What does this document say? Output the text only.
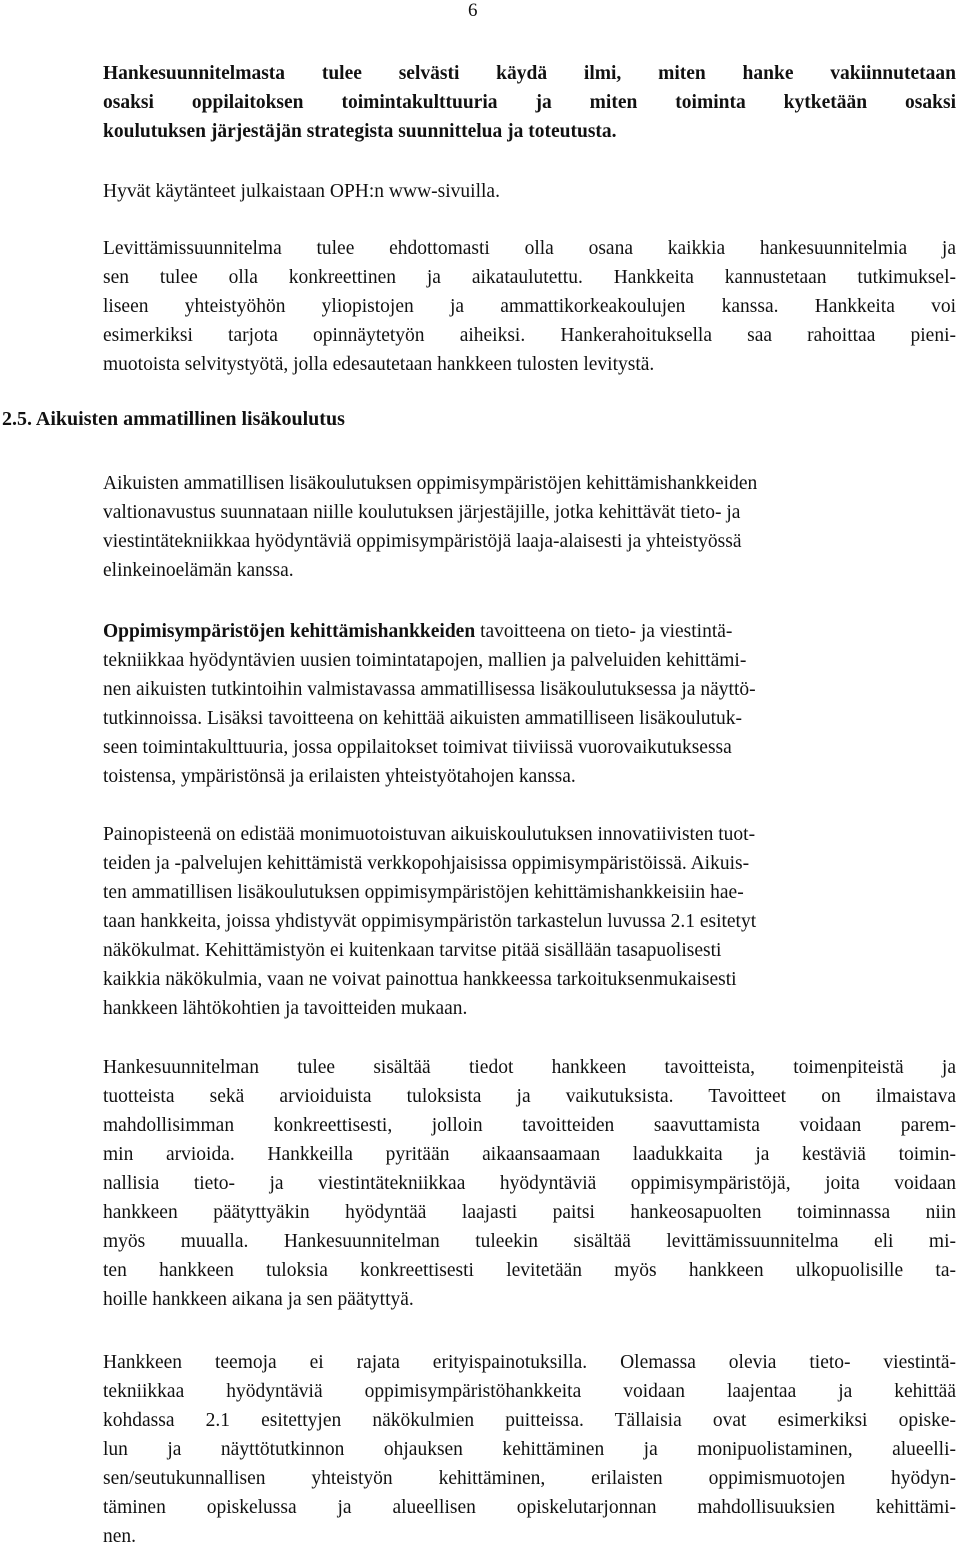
6

Hankesuunnitelmasta tulee selvästi käydä ilmi, miten hanke vakiinnutetaan
osaksi oppilaitoksen toimintakulttuuria ja miten toiminta kytketään osaksi
koulutuksen järjestäjän strategista suunnittelua ja toteutusta.

Hyvät käytänteet julkaistaan OPH:n www-sivuilla.

Levittämissuunnitelma tulee ehdottomasti olla osana kaikkia hankesuunnitelmia ja
sen tulee olla konkreettinen ja aikataulutettu. Hankkeita kannustetaan tutkimuksel-
liseen yhteistyöhön yliopistojen ja ammattikorkeakoulujen kanssa. Hankkeita voi
esimerkiksi tarjota opinnäytetyön aiheiksi. Hankerahoituksella saa rahoittaa pieni-
muotoista selvitystyötä, jolla edesautetaan hankkeen tulosten levitystä.

2.5. Aikuisten ammatillinen lisäkoulutus

Aikuisten ammatillisen lisäkoulutuksen oppimisympäristöjen kehittämishankkeiden
valtionavustus suunnataan niille koulutuksen järjestäjille, jotka kehittävät tieto- ja
viestintätekniikkaa hyödyntäviä oppimisympäristöjä laaja-alaisesti ja yhteistyössä
elinkeinoelämän kanssa.

Oppimisympäristöjen kehittämishankkeiden tavoitteena on tieto- ja viestintä-
tekniikkaa hyödyntävien uusien toimintatapojen, mallien ja palveluiden kehittämi-
nen aikuisten tutkintoihin valmistavassa ammatillisessa lisäkoulutuksessa ja näyttö-
tutkinnoissa. Lisäksi tavoitteena on kehittää aikuisten ammatilliseen lisäkoulutuk-
seen toimintakulttuuria, jossa oppilaitokset toimivat tiiviissä vuorovaikutuksessa
toistensa, ympäristönsä ja erilaisten yhteistyötahojen kanssa.

Painopisteenä on edistää monimuotoistuvan aikuiskoulutuksen innovatiivisten tuot-
teiden ja -palvelujen kehittämistä verkkopohjaisissa oppimisympäristöissä. Aikuis-
ten ammatillisen lisäkoulutuksen oppimisympäristöjen kehittämishankkeisiin hae-
taan hankkeita, joissa yhdistyvät oppimisympäristön tarkastelun luvussa 2.1 esitetyt
näkökulmat. Kehittämistyön ei kuitenkaan tarvitse pitää sisällään tasapuolisesti
kaikkia näkökulmia, vaan ne voivat painottua hankkeessa tarkoituksenmukaisesti
hankkeen lähtökohtien ja tavoitteiden mukaan.

Hankesuunnitelman tulee sisältää tiedot hankkeen tavoitteista, toimenpiteistä ja
tuotteista sekä arvioiduista tuloksista ja vaikutuksista. Tavoitteet on ilmaistava
mahdollisimman konkreettisesti, jolloin tavoitteiden saavuttamista voidaan parem-
min arvioida. Hankkeilla pyritään aikaansaamaan laadukkaita ja kestäviä toimin-
nallisia tieto- ja viestintätekniikkaa hyödyntäviä oppimisympäristöjä, joita voidaan
hankkeen päätyttyäkin hyödyntää laajasti paitsi hankeosapuolten toiminnassa niin
myös muualla. Hankesuunnitelman tuleekin sisältää levittämissuunnitelma eli mi-
ten hankkeen tuloksia konkreettisesti levitetään myös hankkeen ulkopuolisille ta-
hoille hankkeen aikana ja sen päätyttyä.

Hankkeen teemoja ei rajata erityispainotuksilla. Olemassa olevia tieto- viestintä-
tekniikkaa hyödyntäviä oppimisympäristöhankkeita voidaan laajentaa ja kehittää
kohdassa 2.1 esitettyjen näkökulmien puitteissa. Tällaisia ovat esimerkiksi opiske-
lun ja näyttötutkinnon ohjauksen kehittäminen ja monipuolistaminen, alueelli-
sen/seutukunnallisen yhteistyön kehittäminen, erilaisten oppimismuotojen hyödyn-
täminen opiskelussa ja alueellisen opiskelutarjonnan mahdollisuuksien kehittämi-
nen.
